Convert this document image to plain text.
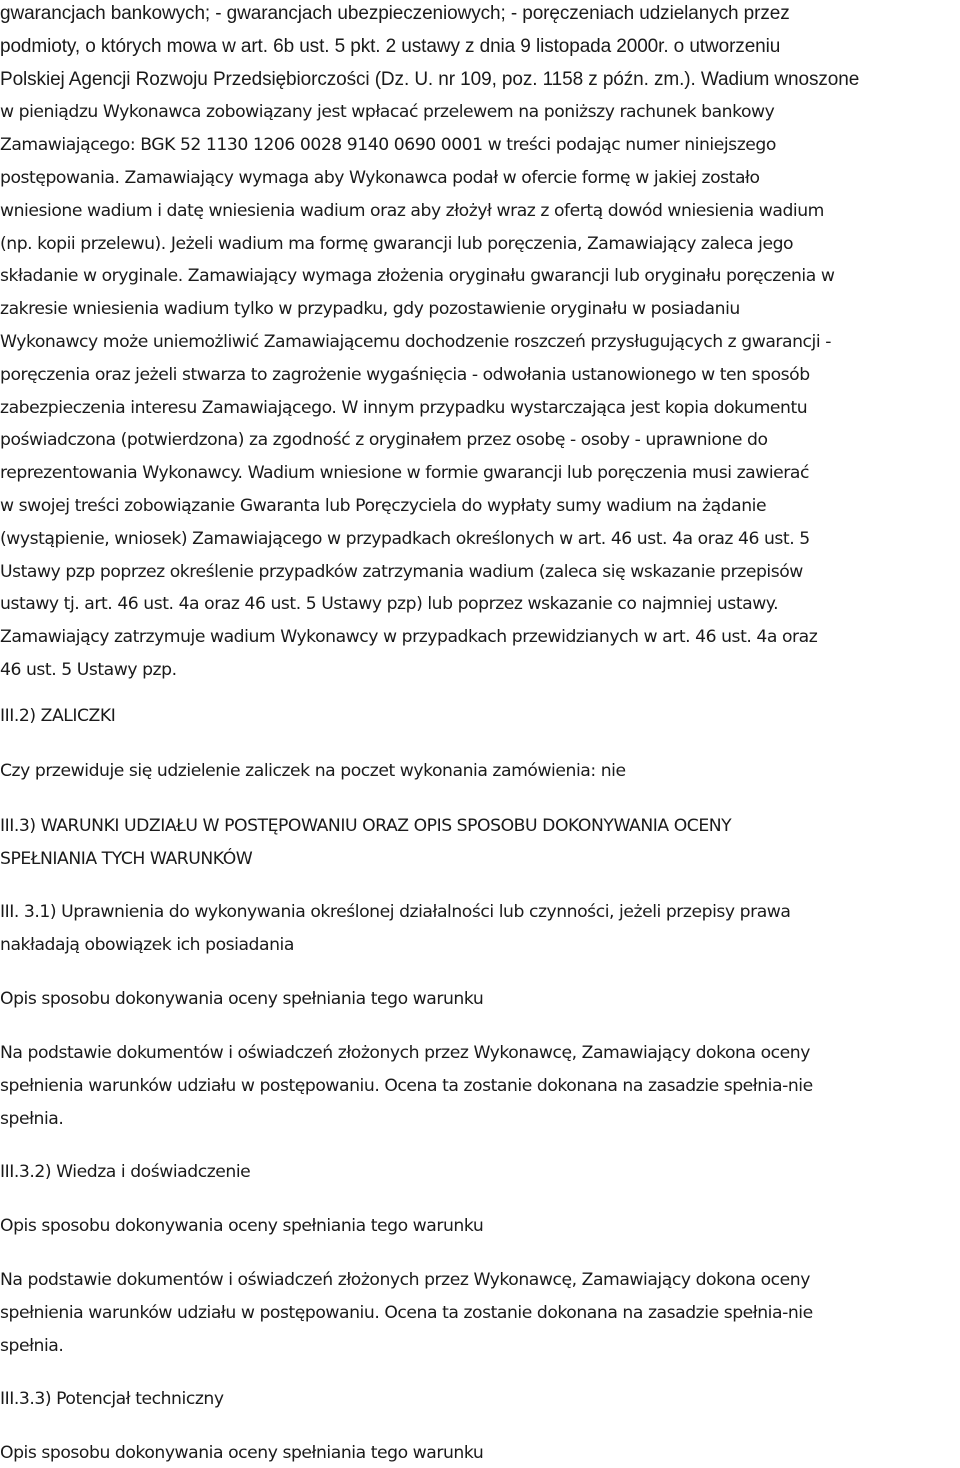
gwarancjach bankowych; - gwarancjach ubezpieczeniowych; - poręczeniach udzielanych przez
podmioty, o których mowa w art. 6b ust. 5 pkt. 2 ustawy z dnia 9 listopada 2000r. o utworzeniu
Polskiej Agencji Rozwoju Przedsiębiorczości (Dz. U. nr 109, poz. 1158 z późn. zm.). Wadium wnoszone
w pieniądzu Wykonawca zobowiązany jest wpłacać przelewem na poniższy rachunek bankowy
Zamawiającego: BGK 52 1130 1206 0028 9140 0690 0001 w treści podając numer niniejszego
postępowania. Zamawiający wymaga aby Wykonawca podał w ofercie formę w jakiej zostało
wniesione wadium i datę wniesienia wadium oraz aby złożył wraz z ofertą dowód wniesienia wadium
(np. kopii przelewu). Jeżeli wadium ma formę gwarancji lub poręczenia, Zamawiający zaleca jego
składanie w oryginale. Zamawiający wymaga złożenia oryginału gwarancji lub oryginału poręczenia w
zakresie wniesienia wadium tylko w przypadku, gdy pozostawienie oryginału w posiadaniu
Wykonawcy może uniemożliwić Zamawiającemu dochodzenie roszczeń przysługujących z gwarancji -
poręczenia oraz jeżeli stwarza to zagrożenie wygaśnięcia - odwołania ustanowionego w ten sposób
zabezpieczenia interesu Zamawiającego. W innym przypadku wystarczająca jest kopia dokumentu
poświadczona (potwierdzona) za zgodność z oryginałem przez osobę - osoby - uprawnione do
reprezentowania Wykonawcy. Wadium wniesione w formie gwarancji lub poręczenia musi zawierać
w swojej treści zobowiązanie Gwaranta lub Poręczyciela do wypłaty sumy wadium na żądanie
(wystąpienie, wniosek) Zamawiającego w przypadkach określonych w art. 46 ust. 4a oraz 46 ust. 5
Ustawy pzp poprzez określenie przypadków zatrzymania wadium (zaleca się wskazanie przepisów
ustawy tj. art. 46 ust. 4a oraz 46 ust. 5 Ustawy pzp) lub poprzez wskazanie co najmniej ustawy.
Zamawiający zatrzymuje wadium Wykonawcy w przypadkach przewidzianych w art. 46 ust. 4a oraz
46 ust. 5 Ustawy pzp.
III.2) ZALICZKI
Czy przewiduje się udzielenie zaliczek na poczet wykonania zamówienia: nie
III.3) WARUNKI UDZIAŁU W POSTĘPOWANIU ORAZ OPIS SPOSOBU DOKONYWANIA OCENY
SPEŁNIANIA TYCH WARUNKÓW
III. 3.1) Uprawnienia do wykonywania określonej działalności lub czynności, jeżeli przepisy prawa
nakładają obowiązek ich posiadania
Opis sposobu dokonywania oceny spełniania tego warunku
Na podstawie dokumentów i oświadczeń złożonych przez Wykonawcę, Zamawiający dokona oceny
spełnienia warunków udziału w postępowaniu. Ocena ta zostanie dokonana na zasadzie spełnia-nie
spełnia.
III.3.2) Wiedza i doświadczenie
Opis sposobu dokonywania oceny spełniania tego warunku
Na podstawie dokumentów i oświadczeń złożonych przez Wykonawcę, Zamawiający dokona oceny
spełnienia warunków udziału w postępowaniu. Ocena ta zostanie dokonana na zasadzie spełnia-nie
spełnia.
III.3.3) Potencjał techniczny
Opis sposobu dokonywania oceny spełniania tego warunku
